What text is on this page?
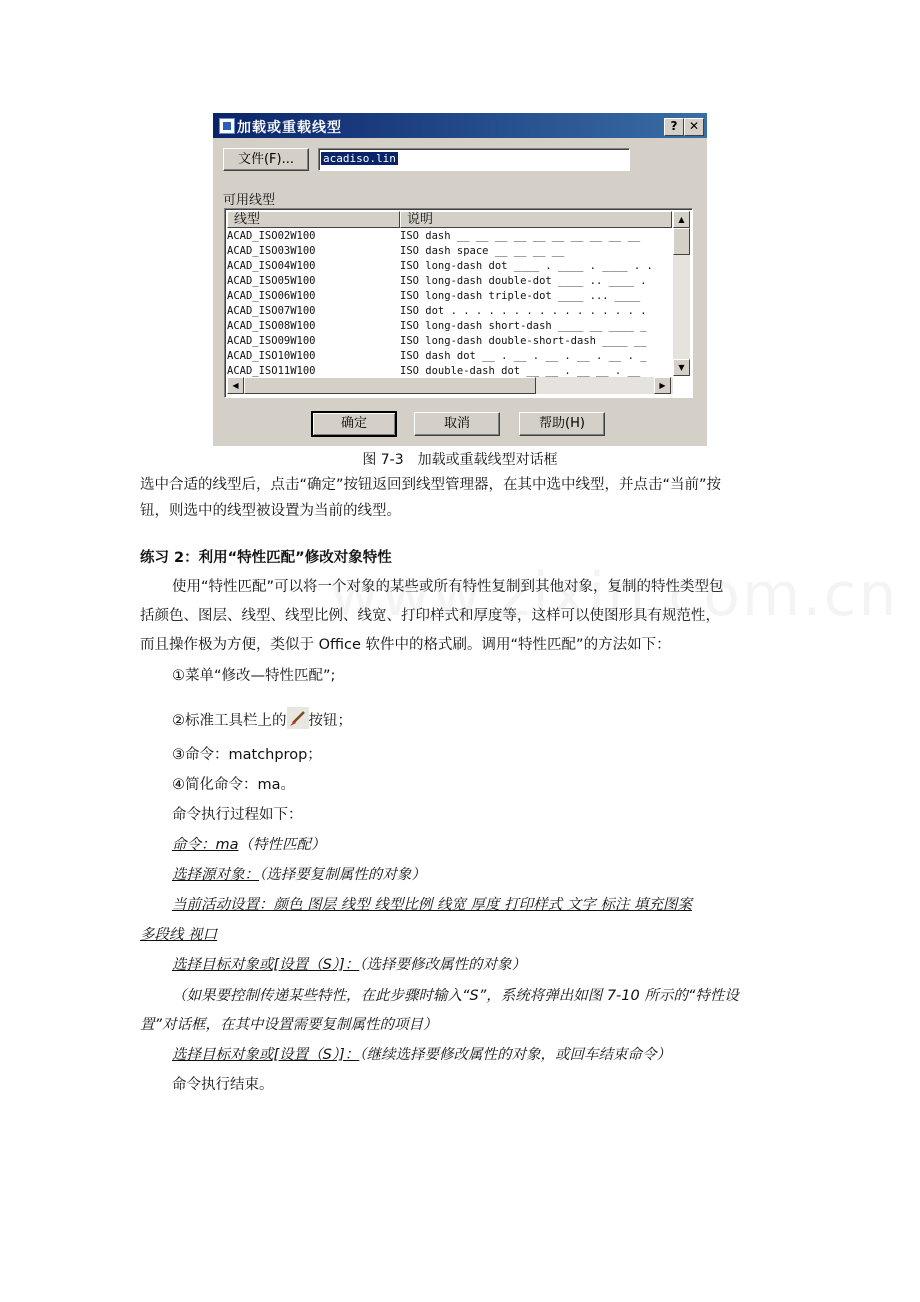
加载或重载线型	? ✕
文件(F)...	acadiso.lin
可用线型
线型	说明
ACAD_ISO02W100	ISO dash __ __ __ __ __ __ __ __ __ __
ACAD_ISO03W100	ISO dash space __ __ __ __
ACAD_ISO04W100	ISO long-dash dot ____ . ____ . ____ . .
ACAD_ISO05W100	ISO long-dash double-dot ____ .. ____ .
ACAD_ISO06W100	ISO long-dash triple-dot ____ ... ____
ACAD_ISO07W100	ISO dot . . . . . . . . . . . . . . . .
ACAD_ISO08W100	ISO long-dash short-dash ____ __ ____ _
ACAD_ISO09W100	ISO long-dash double-short-dash ____ __
ACAD_ISO10W100	ISO dash dot __ . __ . __ . __ . __ . _
ACAD_ISO11W100	ISO double-dash dot __ __ . __ __ . __
▲
▼
◀	▶
确定	取消	帮助(H)
图 7-3　加载或重载线型对话框
选中合适的线型后，点击“确定”按钮返回到线型管理器，在其中选中线型，并点击“当前”按
钮，则选中的线型被设置为当前的线型。
练习 2：利用“特性匹配”修改对象特性
使用“特性匹配”可以将一个对象的某些或所有特性复制到其他对象，复制的特性类型包
括颜色、图层、线型、线型比例、线宽、打印样式和厚度等，这样可以使图形具有规范性，
而且操作极为方便，类似于 Office 软件中的格式刷。调用“特性匹配”的方法如下：
①菜单“修改—特性匹配”;
②标准工具栏上的 按钮；
③命令：matchprop；
④简化命令：ma。
命令执行过程如下：
命令：ma（特性匹配）
选择源对象：（选择要复制属性的对象）
当前活动设置：颜色 图层 线型 线型比例 线宽 厚度 打印样式 文字 标注 填充图案
多段线 视口
选择目标对象或[设置（S）]：（选择要修改属性的对象）
（如果要控制传递某些特性，在此步骤时输入“S”，系统将弹出如图 7-10 所示的“特性设
置”对话框，在其中设置需要复制属性的项目）
选择目标对象或[设置（S）]：（继续选择要修改属性的对象，或回车结束命令）
命令执行结束。
